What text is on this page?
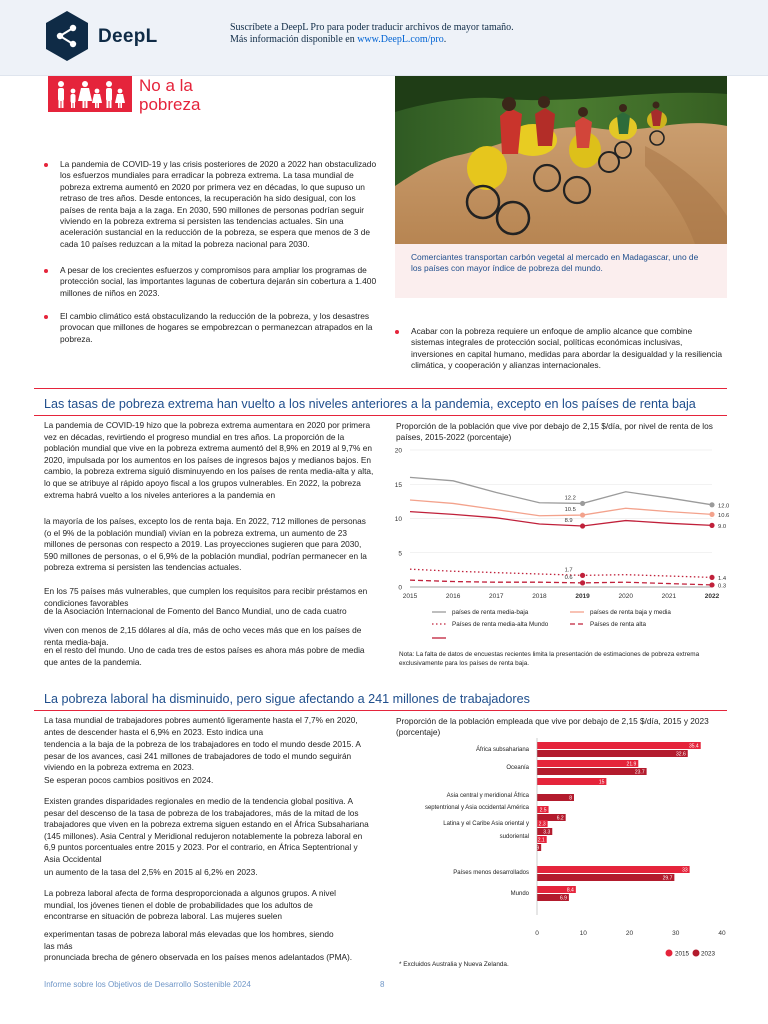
DeepL	Suscríbete a DeepL Pro para poder traducir archivos de mayor tamaño.
Más información disponible en www.DeepL.com/pro.
No a la
pobreza
Comerciantes transportan carbón vegetal al mercado en Madagascar, uno de los países con mayor índice de pobreza del mundo.
La pandemia de COVID-19 y las crisis posteriores de 2020 a 2022 han obstaculizado los esfuerzos mundiales para erradicar la pobreza extrema. La tasa mundial de pobreza extrema aumentó en 2020 por primera vez en décadas, lo que supuso un retraso de tres años. Desde entonces, la recuperación ha sido desigual, con los países de renta baja a la zaga. En 2030, 590 millones de personas podrían seguir viviendo en la pobreza extrema si persisten las tendencias actuales. Sin una aceleración sustancial en la reducción de la pobreza, se espera que menos de 3 de cada 10 países reduzcan a la mitad la pobreza nacional para 2030.
A pesar de los crecientes esfuerzos y compromisos para ampliar los programas de protección social, las importantes lagunas de cobertura dejarán sin cobertura a 1.400 millones de niños en 2023.
El cambio climático está obstaculizando la reducción de la pobreza, y los desastres provocan que millones de hogares se empobrezcan o permanezcan atrapados en la pobreza.
Acabar con la pobreza requiere un enfoque de amplio alcance que combine sistemas integrales de protección social, políticas económicas inclusivas, inversiones en capital humano, medidas para abordar la desigualdad y la resiliencia climática, y cooperación y alianzas internacionales.
Las tasas de pobreza extrema han vuelto a los niveles anteriores a la pandemia, excepto en los países de renta baja
La pandemia de COVID-19 hizo que la pobreza extrema aumentara en 2020 por primera vez en décadas, revirtiendo el progreso mundial en tres años. La proporción de la población mundial que vive en la pobreza extrema aumentó del 8,9% en 2019 al 9,7% en 2020, impulsada por los aumentos en los países de ingresos bajos y medianos bajos. En cambio, la pobreza extrema siguió disminuyendo en los países de renta media-alta y alta, lo que se atribuye al rápido apoyo fiscal a los grupos vulnerables. En 2022, la pobreza extrema habrá vuelto a los niveles anteriores a la pandemia en
la mayoría de los países, excepto los de renta baja. En 2022, 712 millones de personas (o el 9% de la población mundial) vivían en la pobreza extrema, un aumento de 23 millones de personas con respecto a 2019. Las proyecciones sugieren que para 2030, 590 millones de personas, o el 6,9% de la población mundial, podrían permanecer en la pobreza extrema si persisten las tendencias actuales.
En los 75 países más vulnerables, que cumplen los requisitos para recibir préstamos en condiciones favorables
de la Asociación Internacional de Fomento del Banco Mundial, uno de cada cuatro
viven con menos de 2,15 dólares al día, más de ocho veces más que en los países de renta media-baja.
en el resto del mundo. Uno de cada tres de estos países es ahora más pobre de media que antes de la pandemia.
Proporción de la población que vive por debajo de 2,15 $/día, por nivel de renta de los países, 2015-2022 (porcentaje)
0
5
10
15
20
2015	2016	2017	2018	2019	2020	2021	2022
12.2
12.0
10.5
10.6
8.9
9.0
1.7
1.4
0.6
0.3
países de renta media-baja	países de renta baja y media
Países de renta media-alta Mundo	Países de renta alta
Nota: La falta de datos de encuestas recientes limita la presentación de estimaciones de pobreza extrema exclusivamente para los países de renta baja.
La pobreza laboral ha disminuido, pero sigue afectando a 241 millones de trabajadores
La tasa mundial de trabajadores pobres aumentó ligeramente hasta el 7,7% en 2020, antes de descender hasta el 6,9% en 2023. Esto indica una
tendencia a la baja de la pobreza de los trabajadores en todo el mundo desde 2015. A pesar de los avances, casi 241 millones de trabajadores de todo el mundo seguirán viviendo en la pobreza extrema en 2023.
Se esperan pocos cambios positivos en 2024.
Existen grandes disparidades regionales en medio de la tendencia global positiva. A pesar del descenso de la tasa de pobreza de los trabajadores, más de la mitad de los trabajadores que viven en la pobreza extrema siguen estando en el África Subsahariana (145 millones). Asia Central y Meridional redujeron notablemente la pobreza laboral en 6,9 puntos porcentuales entre 2015 y 2023. Por el contrario, en África Septentrional y Asia Occidental
un aumento de la tasa del 2,5% en 2015 al 6,2% en 2023.
La pobreza laboral afecta de forma desproporcionada a algunos grupos. A nivel mundial, los jóvenes tienen el doble de probabilidades que los adultos de encontrarse en situación de pobreza laboral. Las mujeres suelen
experimentan tasas de pobreza laboral más elevadas que los hombres, siendo las más
pronunciada brecha de género observada en los países menos adelantados (PMA).
Proporción de la población empleada que vive por debajo de 2,15 $/día, 2015 y 2023 (porcentaje)
África subsahariana
35.4
32.6
Oceanía
21.9
23.7
15
Asia central y meridional África	8
septentrional y Asia occidental América 2.5
6.2
Latina y el Caribe Asia oriental y 2.3
3.3
sudoriental
2.1
0.9
Países menos desarrollados	33
29.7
Mundo
8.4
6.9
0	10	20	30	40
2015 2023
* Excluidos Australia y Nueva Zelanda.
Informe sobre los Objetivos de Desarrollo Sostenible 2024	8
